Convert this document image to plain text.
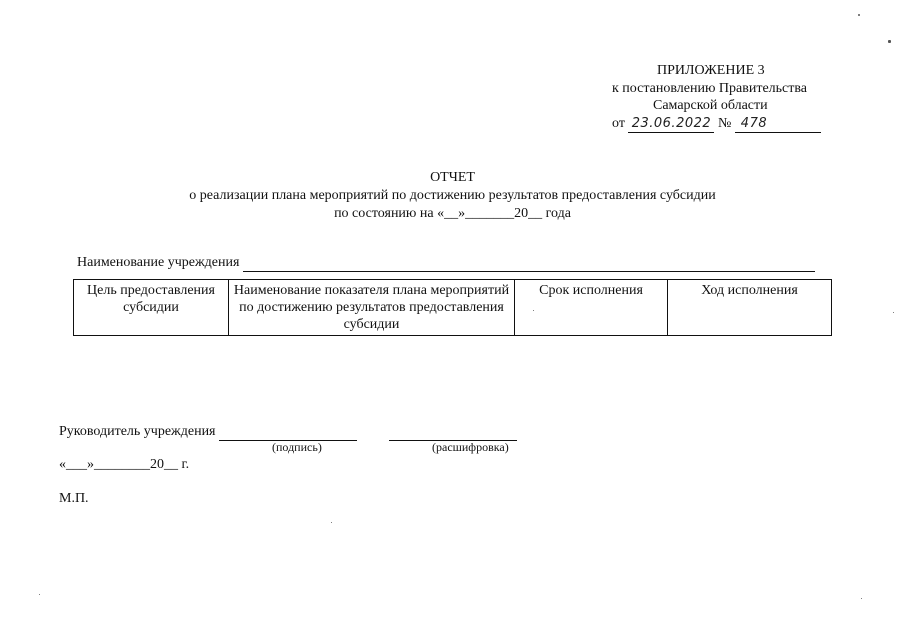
ПРИЛОЖЕНИЕ 3
к постановлению Правительства
Самарской области
от 23.06.2022 № 478
ОТЧЕТ
о реализации плана мероприятий по достижению результатов предоставления субсидии
по состоянию на «__»_______20__ года
Наименование учреждения
Цель предоставления субсидии	Наименование показателя плана мероприятий по достижению результатов предоставления субсидии	Срок исполнения	Ход исполнения
Руководитель учреждения
(подпись)	(расшифровка)
«___»________20__ г.
М.П.
